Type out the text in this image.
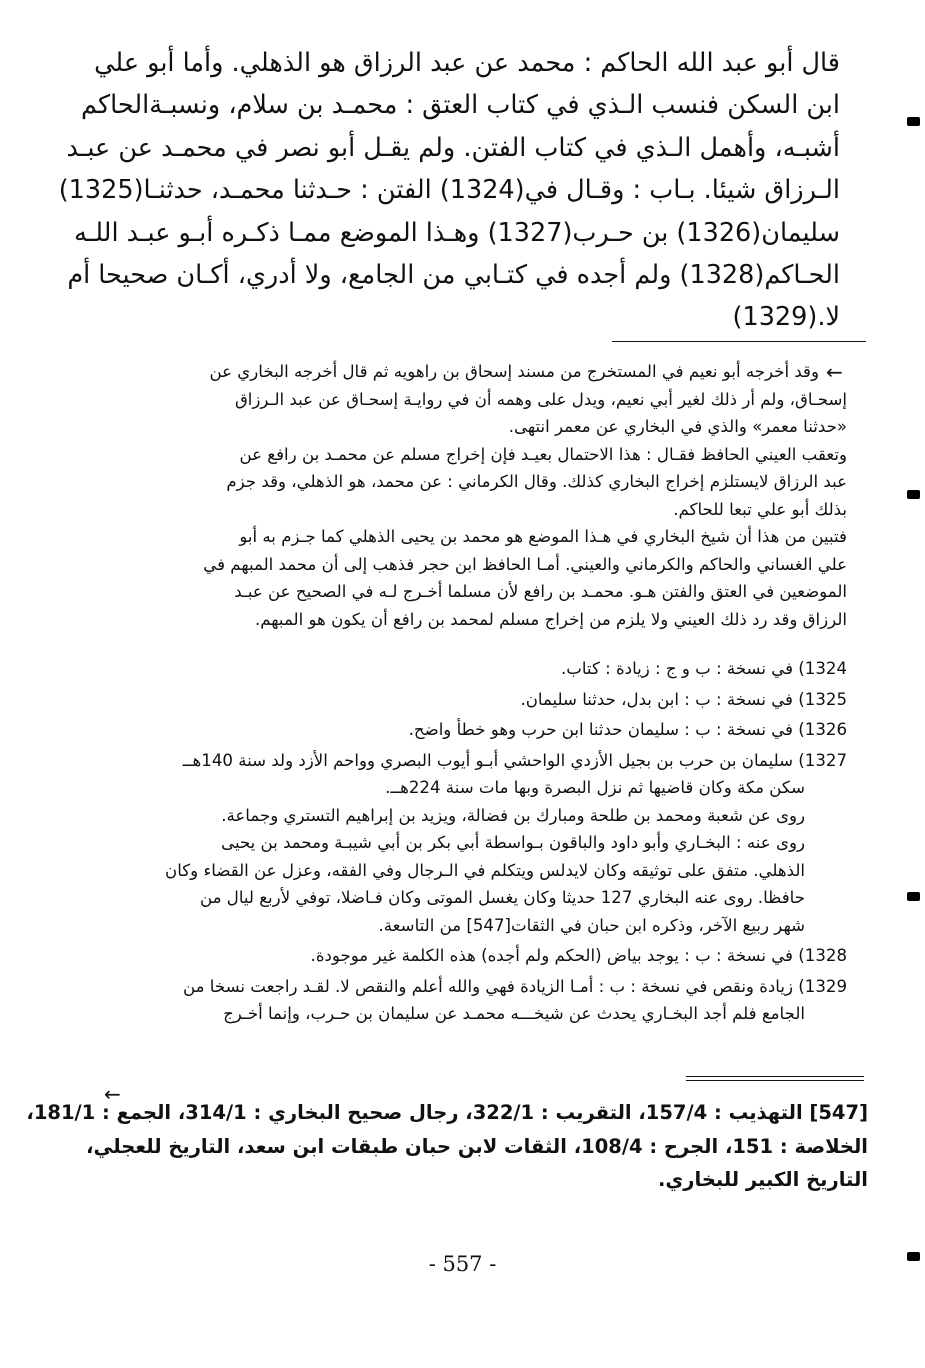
قال أبو عبد الله الحاكم : محمد عن عبد الرزاق هو الذهلي. وأما أبو علي
ابن السكن فنسب الـذي في كتاب العتق : محمـد بن سلام، ونسبـةالحاكم
أشبـه، وأهمل الـذي في كتاب الفتن. ولم يقـل أبو نصر في محمـد عن عبـد
الـرزاق شيئا. بـاب : وقـال في(1324) الفتن : حـدثنا محمـد، حدثنـا(1325)
سليمان(1326) بن حـرب(1327) وهـذا الموضع ممـا ذكـره أبـو عبـد اللـه
الحـاكم(1328) ولم أجده في كتـابي من الجامع، ولا أدري، أكـان صحيحا أم
لا.(1329)
←
وقد أخرجه أبو نعيم في المستخرج من مسند إسحاق بن راهويه ثم قال أخرجه البخاري عن
إسحـاق، ولم أر ذلك لغير أبي نعيم، ويدل على وهمه أن في روايـة إسحـاق عن عبد الـرزاق
«حدثنا معمر» والذي في البخاري عن معمر انتهى.
وتعقب العيني الحافظ فقـال : هذا الاحتمال بعيـد فإن إخراج مسلم عن محمـد بن رافع عن
عبد الرزاق لايستلزم إخراج البخاري كذلك. وقال الكرماني : عن محمد، هو الذهلي، وقد جزم
بذلك أبو علي تبعا للحاكم.
فتبين من هذا أن شيخ البخاري في هـذا الموضع هو محمد بن يحيى الذهلي كما جـزم به أبو
علي الغساني والحاكم والكرماني والعيني. أمـا الحافظ ابن حجر فذهب إلى أن محمد المبهم في
الموضعين في العتق والفتن هـو. محمـد بن رافع لأن مسلما أخـرج لـه في الصحيح عن عبـد
الرزاق وقد رد ذلك العيني ولا يلزم من إخراج مسلم لمحمد بن رافع أن يكون هو المبهم.
1324) في نسخة : ب و ج : زيادة : كتاب.
1325) في نسخة : ب : ابن بدل، حدثنا سليمان.
1326) في نسخة : ب : سليمان حدثنا ابن حرب وهو خطأ واضح.
1327) سليمان بن حرب بن بجيل الأزدي الواحشي أبـو أيوب البصري وواحم الأزد ولد سنة 140هــ
سكن مكة وكان قاضيها ثم نزل البصرة وبها مات سنة 224هــ.
روى عن شعبة ومحمد بن طلحة ومبارك بن فضالة، ويزيد بن إبراهيم التستري وجماعة.
روى عنه : البخـاري وأبو داود والباقون بـواسطة أبي بكر بن أبي شيبـة ومحمد بن يحيى
الذهلي. متفق على توثيقه وكان لايدلس ويتكلم في الـرجال وفي الفقه، وعزل عن القضاء وكان
حافظا. روى عنه البخاري 127 حديثا وكان يغسل الموتى وكان فـاضلا، توفي لأربع ليال من
شهر ربيع الآخر، وذكره ابن حبان في الثقات[547] من التاسعة.
1328) في نسخة : ب : يوجد بياض (الحكم ولم أجده) هذه الكلمة غير موجودة.
1329) زيادة ونقص في نسخة : ب : أمـا الزيادة فهي والله أعلم والنقص لا. لقـد راجعت نسخا من
الجامع فلم أجد البخـاري يحدث عن شيخـــه محمـد عن سليمان بن حـرب، وإنما أخـرج
←
[547] التهذيب : 157/4، التقريب : 322/1، رجال صحيح البخاري : 314/1، الجمع : 181/1،
الخلاصة : 151، الجرح : 108/4، الثقات لابن حبان طبقات ابن سعد، التاريخ للعجلي،
التاريخ الكبير للبخاري.
- 557 -
